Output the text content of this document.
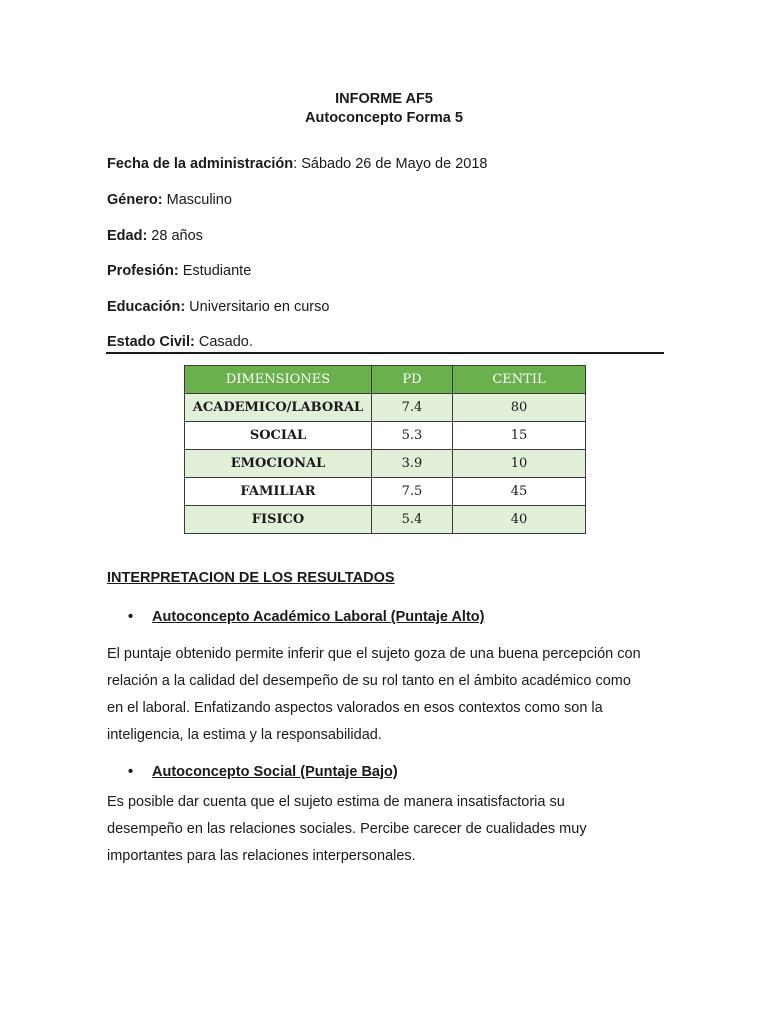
INFORME AF5
Autoconcepto Forma 5
Fecha de la administración: Sábado 26 de Mayo de 2018
Género: Masculino
Edad: 28 años
Profesión: Estudiante
Educación: Universitario en curso
Estado Civil: Casado.
DIMENSIONES	PD	CENTIL
ACADEMICO/LABORAL	7.4	80
SOCIAL	5.3	15
EMOCIONAL	3.9	10
FAMILIAR	7.5	45
FISICO	5.4	40
INTERPRETACION DE LOS RESULTADOS
• Autoconcepto Académico Laboral (Puntaje Alto)
El puntaje obtenido permite inferir que el sujeto goza de una buena percepción con
relación a la calidad del desempeño de su rol tanto en el ámbito académico como
en el laboral. Enfatizando aspectos valorados en esos contextos como son la
inteligencia, la estima y la responsabilidad.
• Autoconcepto Social (Puntaje Bajo)
Es posible dar cuenta que el sujeto estima de manera insatisfactoria su
desempeño en las relaciones sociales. Percibe carecer de cualidades muy
importantes para las relaciones interpersonales.
